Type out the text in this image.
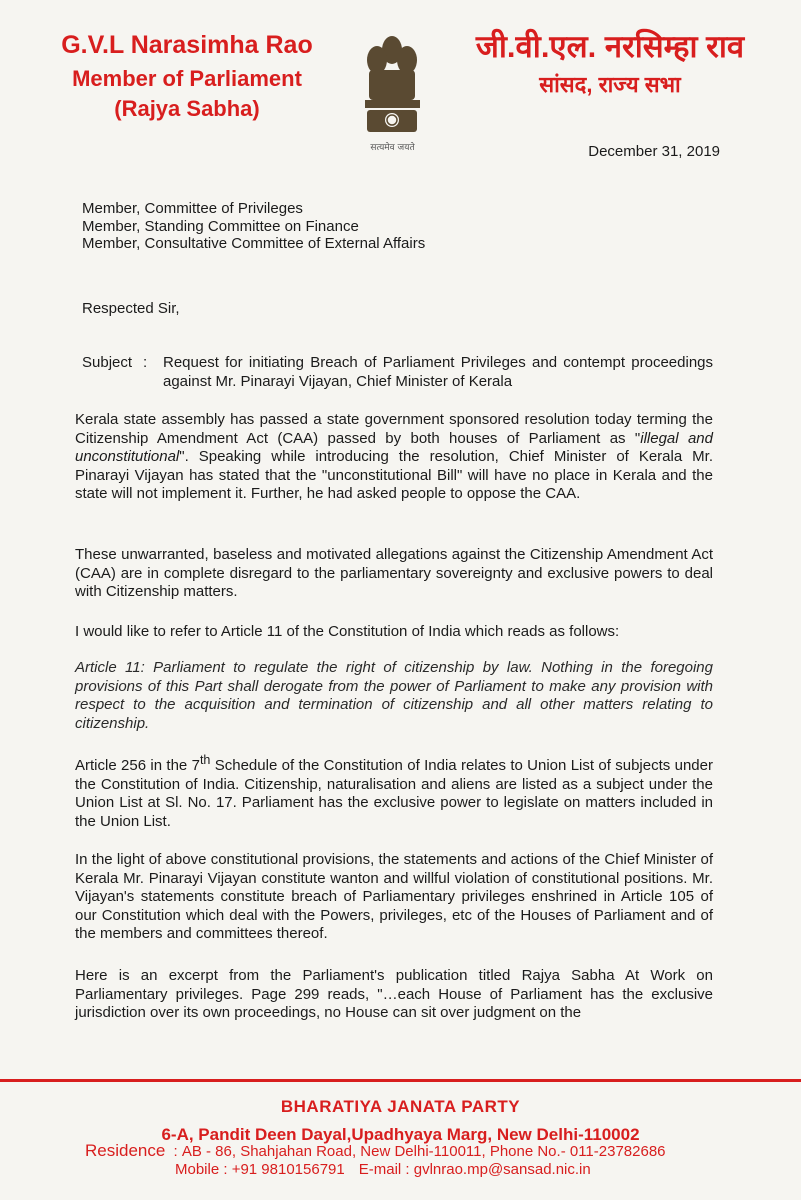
G.V.L Narasimha Rao
Member of Parliament
(Rajya Sabha)
सत्यमेव जयते
जी.वी.एल. नरसिम्हा राव
सांसद, राज्य सभा
December 31, 2019
Member, Committee of Privileges
Member, Standing Committee on Finance
Member, Consultative Committee of External Affairs
Respected Sir,
Subject : Request for initiating Breach of Parliament Privileges and contempt proceedings against Mr. Pinarayi Vijayan, Chief Minister of Kerala
Kerala state assembly has passed a state government sponsored resolution today terming the Citizenship Amendment Act (CAA) passed by both houses of Parliament as "illegal and unconstitutional". Speaking while introducing the resolution, Chief Minister of Kerala Mr. Pinarayi Vijayan has stated that the "unconstitutional Bill" will have no place in Kerala and the state will not implement it. Further, he had asked people to oppose the CAA.
These unwarranted, baseless and motivated allegations against the Citizenship Amendment Act (CAA) are in complete disregard to the parliamentary sovereignty and exclusive powers to deal with Citizenship matters.
I would like to refer to Article 11 of the Constitution of India which reads as follows:
Article 11: Parliament to regulate the right of citizenship by law. Nothing in the foregoing provisions of this Part shall derogate from the power of Parliament to make any provision with respect to the acquisition and termination of citizenship and all other matters relating to citizenship.
Article 256 in the 7th Schedule of the Constitution of India relates to Union List of subjects under the Constitution of India. Citizenship, naturalisation and aliens are listed as a subject under the Union List at Sl. No. 17. Parliament has the exclusive power to legislate on matters included in the Union List.
In the light of above constitutional provisions, the statements and actions of the Chief Minister of Kerala Mr. Pinarayi Vijayan constitute wanton and willful violation of constitutional positions. Mr. Vijayan's statements constitute breach of Parliamentary privileges enshrined in Article 105 of our Constitution which deal with the Powers, privileges, etc of the Houses of Parliament and of the members and committees thereof.
Here is an excerpt from the Parliament's publication titled Rajya Sabha At Work on Parliamentary privileges. Page 299 reads, "…each House of Parliament has the exclusive jurisdiction over its own proceedings, no House can sit over judgment on the
BHARATIYA JANATA PARTY
6-A, Pandit Deen Dayal,Upadhyaya Marg, New Delhi-110002
Residence : AB - 86, Shahjahan Road, New Delhi-110011, Phone No.- 011-23782686
Mobile : +91 9810156791 E-mail : gvlnrao.mp@sansad.nic.in
